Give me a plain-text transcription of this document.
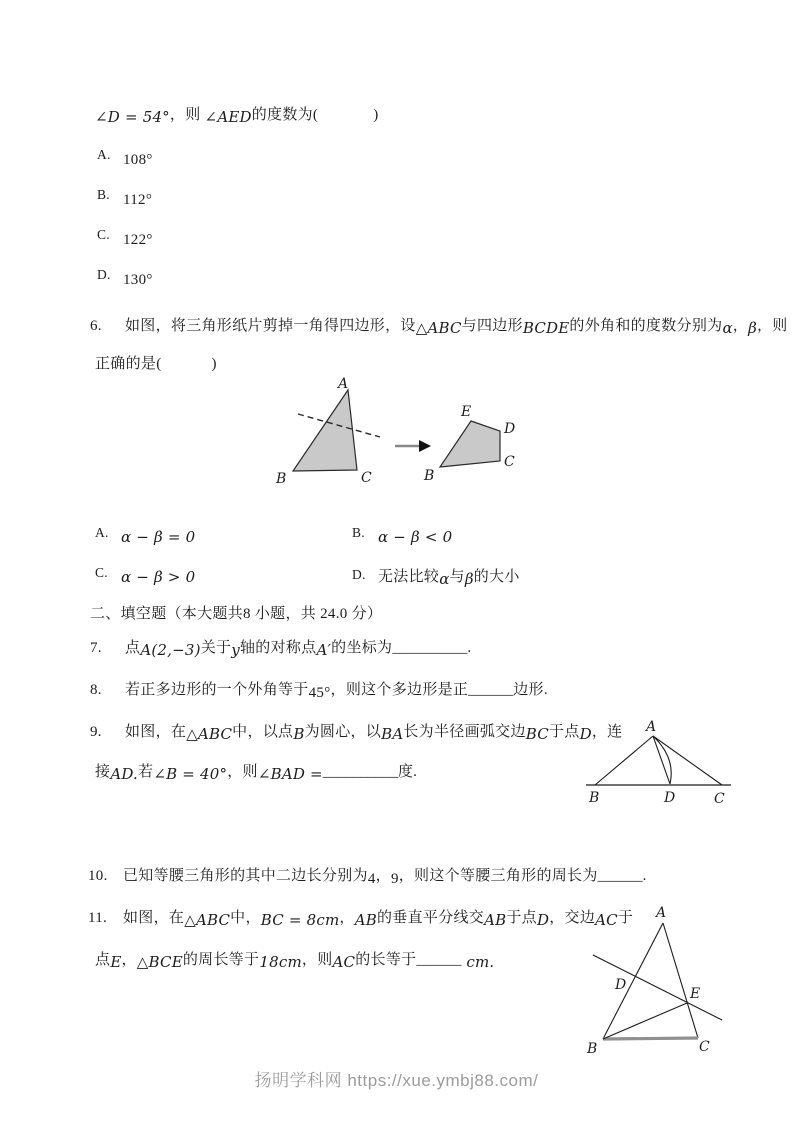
∠D = 54°，则 ∠AED的度数为(	)
A. 108°
B. 112°
C. 122°
D. 130°
6. 如图，将三角形纸片剪掉一角得四边形，设△ABC与四边形BCDE的外角和的度数分别为α，β，则
正确的是(	)
A
B	C
E
D
C
B
A. α − β = 0	B. α − β < 0
C. α − β > 0	D. 无法比较α与β的大小
二、填空题（本大题共8 小题，共 24.0 分）
7. 点A(2,−3)关于y轴的对称点A′的坐标为__________.
8. 若正多边形的一个外角等于45°，则这个多边形是正______边形.
9. 如图，在△ABC中，以点B为圆心，以BA长为半径画弧交边BC于点D，连
接AD.若∠B = 40°，则∠BAD =__________度.
A
B	D	C
10. 已知等腰三角形的其中二边长分别为4，9，则这个等腰三角形的周长为______.
11. 如图，在△ABC中，BC = 8cm，AB的垂直平分线交AB于点D，交边AC于
点E，△BCE的周长等于18cm，则AC的长等于______ cm.
A
D
E
B	C
扬明学科网 https://xue.ymbj88.com/
